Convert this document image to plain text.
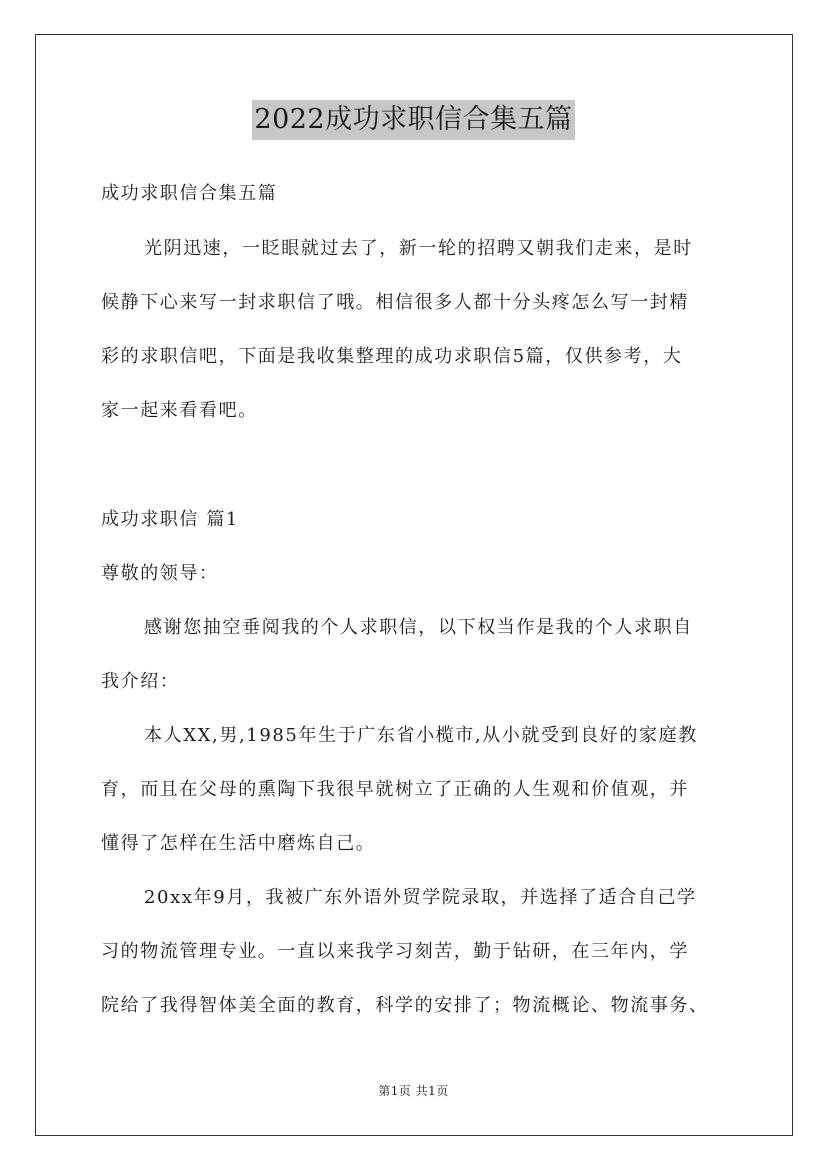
2022成功求职信合集五篇
成功求职信合集五篇
光阴迅速，一眨眼就过去了，新一轮的招聘又朝我们走来，是时
候静下心来写一封求职信了哦。相信很多人都十分头疼怎么写一封精
彩的求职信吧，下面是我收集整理的成功求职信5篇，仅供参考，大
家一起来看看吧。
成功求职信 篇1
尊敬的领导：
感谢您抽空垂阅我的个人求职信，以下权当作是我的个人求职自
我介绍：
本人XX,男,1985年生于广东省小榄市,从小就受到良好的家庭教
育，而且在父母的熏陶下我很早就树立了正确的人生观和价值观，并
懂得了怎样在生活中磨炼自己。
20xx年9月，我被广东外语外贸学院录取，并选择了适合自己学
习的物流管理专业。一直以来我学习刻苦，勤于钻研，在三年内，学
院给了我得智体美全面的教育，科学的安排了；物流概论、物流事务、
第1页 共1页
